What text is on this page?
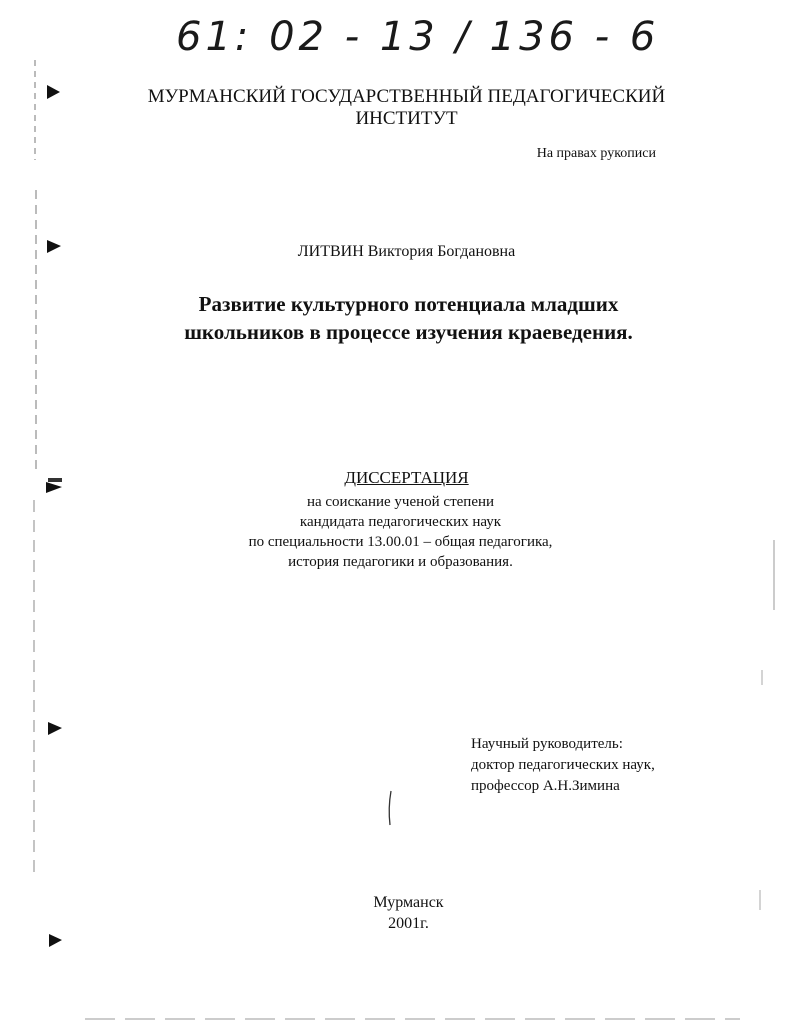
61: 02 - 13 / 136 - 6
МУРМАНСКИЙ ГОСУДАРСТВЕННЫЙ ПЕДАГОГИЧЕСКИЙ
ИНСТИТУТ
На правах рукописи
ЛИТВИН Виктория Богдановна
Развитие культурного потенциала младших
школьников в процессе изучения краеведения.
ДИССЕРТАЦИЯ
на соискание ученой степени
кандидата педагогических наук
по специальности 13.00.01 – общая педагогика,
история педагогики и образования.
Научный руководитель:
доктор педагогических наук,
профессор А.Н.Зимина
Мурманск
2001г.
